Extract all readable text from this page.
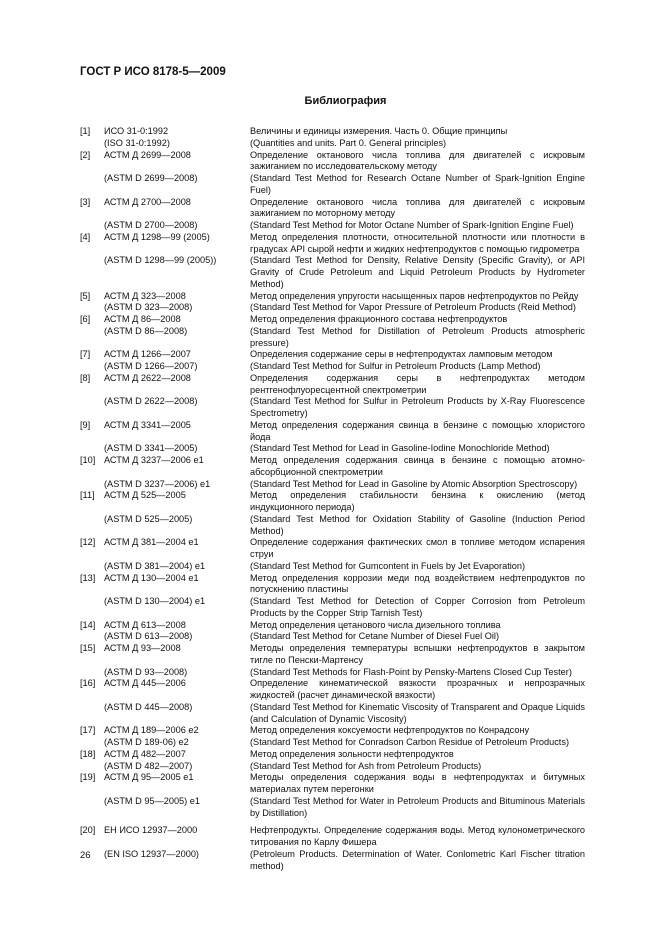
ГОСТ Р ИСО 8178-5—2009
Библиография
[1]	ИСО 31-0:1992	Величины и единицы измерения. Часть 0. Общие принципы
(ISO 31-0:1992)	(Quantities and units. Part 0. General principles)
[2]	АСТМ Д 2699—2008	Определение октанового числа топлива для двигателей с искровым зажиганием по исследовательскому методу
(ASTM D 2699—2008)	(Standard Test Method for Research Octane Number of Spark-Ignition Engine Fuel)
[3]	АСТМ Д 2700—2008	Определение октанового числа топлива для двигателей с искровым зажиганием по моторному методу
(ASTM D 2700—2008)	(Standard Test Method for Motor Octane Number of Spark-Ignition Engine Fuel)
[4]	АСТМ Д 1298—99 (2005)	Метод определения плотности, относительной плотности или плотности в градусах API сырой нефти и жидких нефтепродуктов с помощью гидрометра
(ASTM D 1298—99 (2005))	(Standard Test Method for Density, Relative Density (Specific Gravity), or API Gravity of Crude Petroleum and Liquid Petroleum Products by Hydrometer Method)
[5]	АСТМ Д 323—2008	Метод определения упругости насыщенных паров нефтепродуктов по Рейду
(ASTM D 323—2008)	(Standard Test Method for Vapor Pressure of Petroleum Products (Reid Method)
[6]	АСТМ Д 86—2008	Метод определения фракционного состава нефтепродуктов
(ASTM D 86—2008)	(Standard Test Method for Distillation of Petroleum Products atmospheric pressure)
[7]	АСТМ Д 1266—2007	Определения содержание серы в нефтепродуктах ламповым методом
(ASTM D 1266—2007)	(Standard Test Method for Sulfur in Petroleum Products (Lamp Method)
[8]	АСТМ Д 2622—2008	Определения содержания серы в нефтепродуктах методом рентгенофлуоресцентной спектрометрии
(ASTM D 2622—2008)	(Standard Test Method for Sulfur in Petroleum Products by X-Ray Fluorescence Spectrometry)
[9]	АСТМ Д 3341—2005	Метод определения содержания свинца в бензине с помощью хлористого йода
(ASTM D 3341—2005)	(Standard Test Method for Lead in Gasoline-Iodine Monochloride Method)
[10] АСТМ Д 3237—2006 е1	Метод определения содержания свинца в бензине с помощью атомно-абсорбционной спектрометрии
(ASTM D 3237—2006) e1	(Standard Test Method for Lead in Gasoline by Atomic Absorption Spectroscopy)
[11]	АСТМ Д 525—2005	Метод определения стабильности бензина к окислению (метод индукционного периода)
(ASTM D 525—2005)	(Standard Test Method for Oxidation Stability of Gasoline (Induction Period Method)
[12] АСТМ Д 381—2004 е1	Определение содержания фактических смол в топливе методом испарения струи
(ASTM D 381—2004) e1	(Standard Test Method for Gumcontent in Fuels by Jet Evaporation)
[13] АСТМ Д 130—2004 е1	Метод определения коррозии меди под воздействием нефтепродуктов по потускнению пластины
(ASTM D 130—2004) e1	(Standard Test Method for Detection of Copper Corrosion from Petroleum Products by the Copper Strip Tarnish Test)
[14] АСТМ Д 613—2008	Метод определения цетанового числа дизельного топлива
(ASTM D 613—2008)	(Standard Test Method for Cetane Number of Diesel Fuel Oil)
[15] АСТМ Д 93—2008	Методы определения температуры вспышки нефтепродуктов в закрытом тигле по Пенски-Мартенсу
(ASTM D 93—2008)	(Standard Test Methods for Flash-Point by Pensky-Martens Closed Cup Tester)
[16] АСТМ Д 445—2006	Определение кинематической вязкости прозрачных и непрозрачных жидкостей (расчет динамической вязкости)
(ASTM D 445—2008)	(Standard Test Method for Kinematic Viscosity of Transparent and Opaque Liquids (and Calculation of Dynamic Viscosity)
[17] АСТМ Д 189—2006 е2	Метод определения коксуемости нефтепродуктов по Конрадсону
(ASTM D 189-06) e2	(Standard Test Method for Conradson Carbon Residue of Petroleum Products)
[18] АСТМ Д 482—2007	Метод определения зольности нефтепродуктов
(ASTM D 482—2007)	(Standard Test Method for Ash from Petroleum Products)
[19] АСТМ Д 95—2005 е1	Методы определения содержания воды в нефтепродуктах и битумных материалах путем перегонки
(ASTM D 95—2005) e1	(Standard Test Method for Water in Petroleum Products and Bituminous Materials by Distillation)
[20] ЕН ИСО 12937—2000	Нефтепродукты. Определение содержания воды. Метод кулонометрического титрования по Карлу Фишера
(EN ISO 12937—2000)	(Petroleum Products. Determination of Water. Conlometric Karl Fischer titration method)
26
